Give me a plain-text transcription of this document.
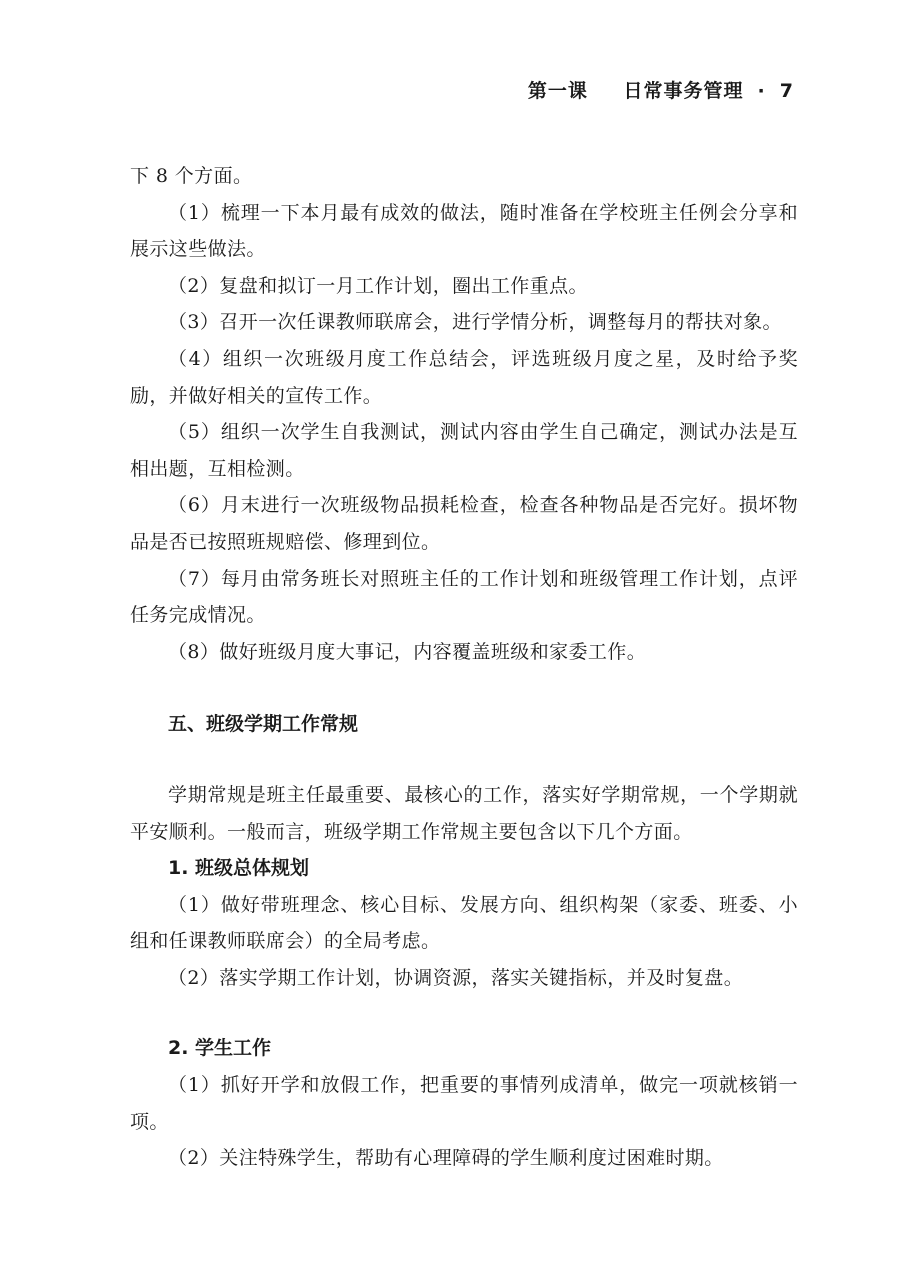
第一课 日常事务管理 · 7

下 8 个方面。

（1）梳理一下本月最有成效的做法，随时准备在学校班主任例会分享和展示这些做法。

（2）复盘和拟订一月工作计划，圈出工作重点。

（3）召开一次任课教师联席会，进行学情分析，调整每月的帮扶对象。

（4）组织一次班级月度工作总结会，评选班级月度之星，及时给予奖励，并做好相关的宣传工作。

（5）组织一次学生自我测试，测试内容由学生自己确定，测试办法是互相出题，互相检测。

（6）月末进行一次班级物品损耗检查，检查各种物品是否完好。损坏物品是否已按照班规赔偿、修理到位。

（7）每月由常务班长对照班主任的工作计划和班级管理工作计划，点评任务完成情况。

（8）做好班级月度大事记，内容覆盖班级和家委工作。

五、班级学期工作常规

学期常规是班主任最重要、最核心的工作，落实好学期常规，一个学期就平安顺利。一般而言，班级学期工作常规主要包含以下几个方面。

1. 班级总体规划

（1）做好带班理念、核心目标、发展方向、组织构架（家委、班委、小组和任课教师联席会）的全局考虑。

（2）落实学期工作计划，协调资源，落实关键指标，并及时复盘。

2. 学生工作

（1）抓好开学和放假工作，把重要的事情列成清单，做完一项就核销一项。

（2）关注特殊学生，帮助有心理障碍的学生顺利度过困难时期。
